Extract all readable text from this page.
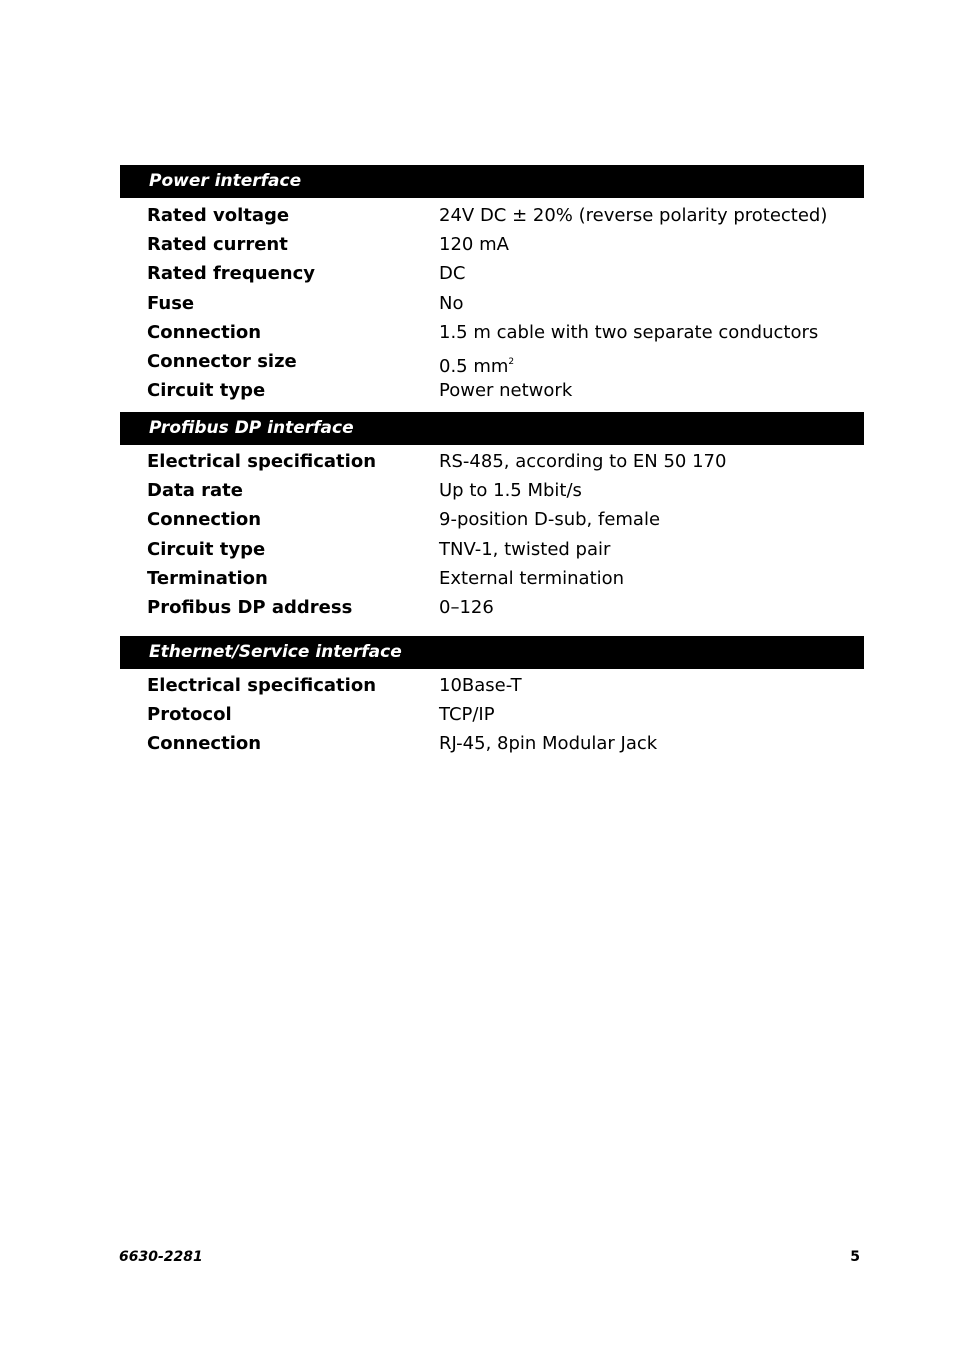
Power interface
Rated voltage	24V DC ± 20% (reverse polarity protected)
Rated current	120 mA
Rated frequency	DC
Fuse	No
Connection	1.5 m cable with two separate conductors
Connector size	0.5 $mm^2$
Circuit type	Power network
Profibus DP interface
Electrical specification	RS-485, according to EN 50 170
Data rate	Up to 1.5 Mbit/s
Connection	9-position D-sub, female
Circuit type	TNV-1, twisted pair
Termination	External termination
Profibus DP address	0–126
Ethernet/Service interface
Electrical specification	10Base-T
Protocol	TCP/IP
Connection	RJ-45, 8pin Modular Jack
6630-2281	5
